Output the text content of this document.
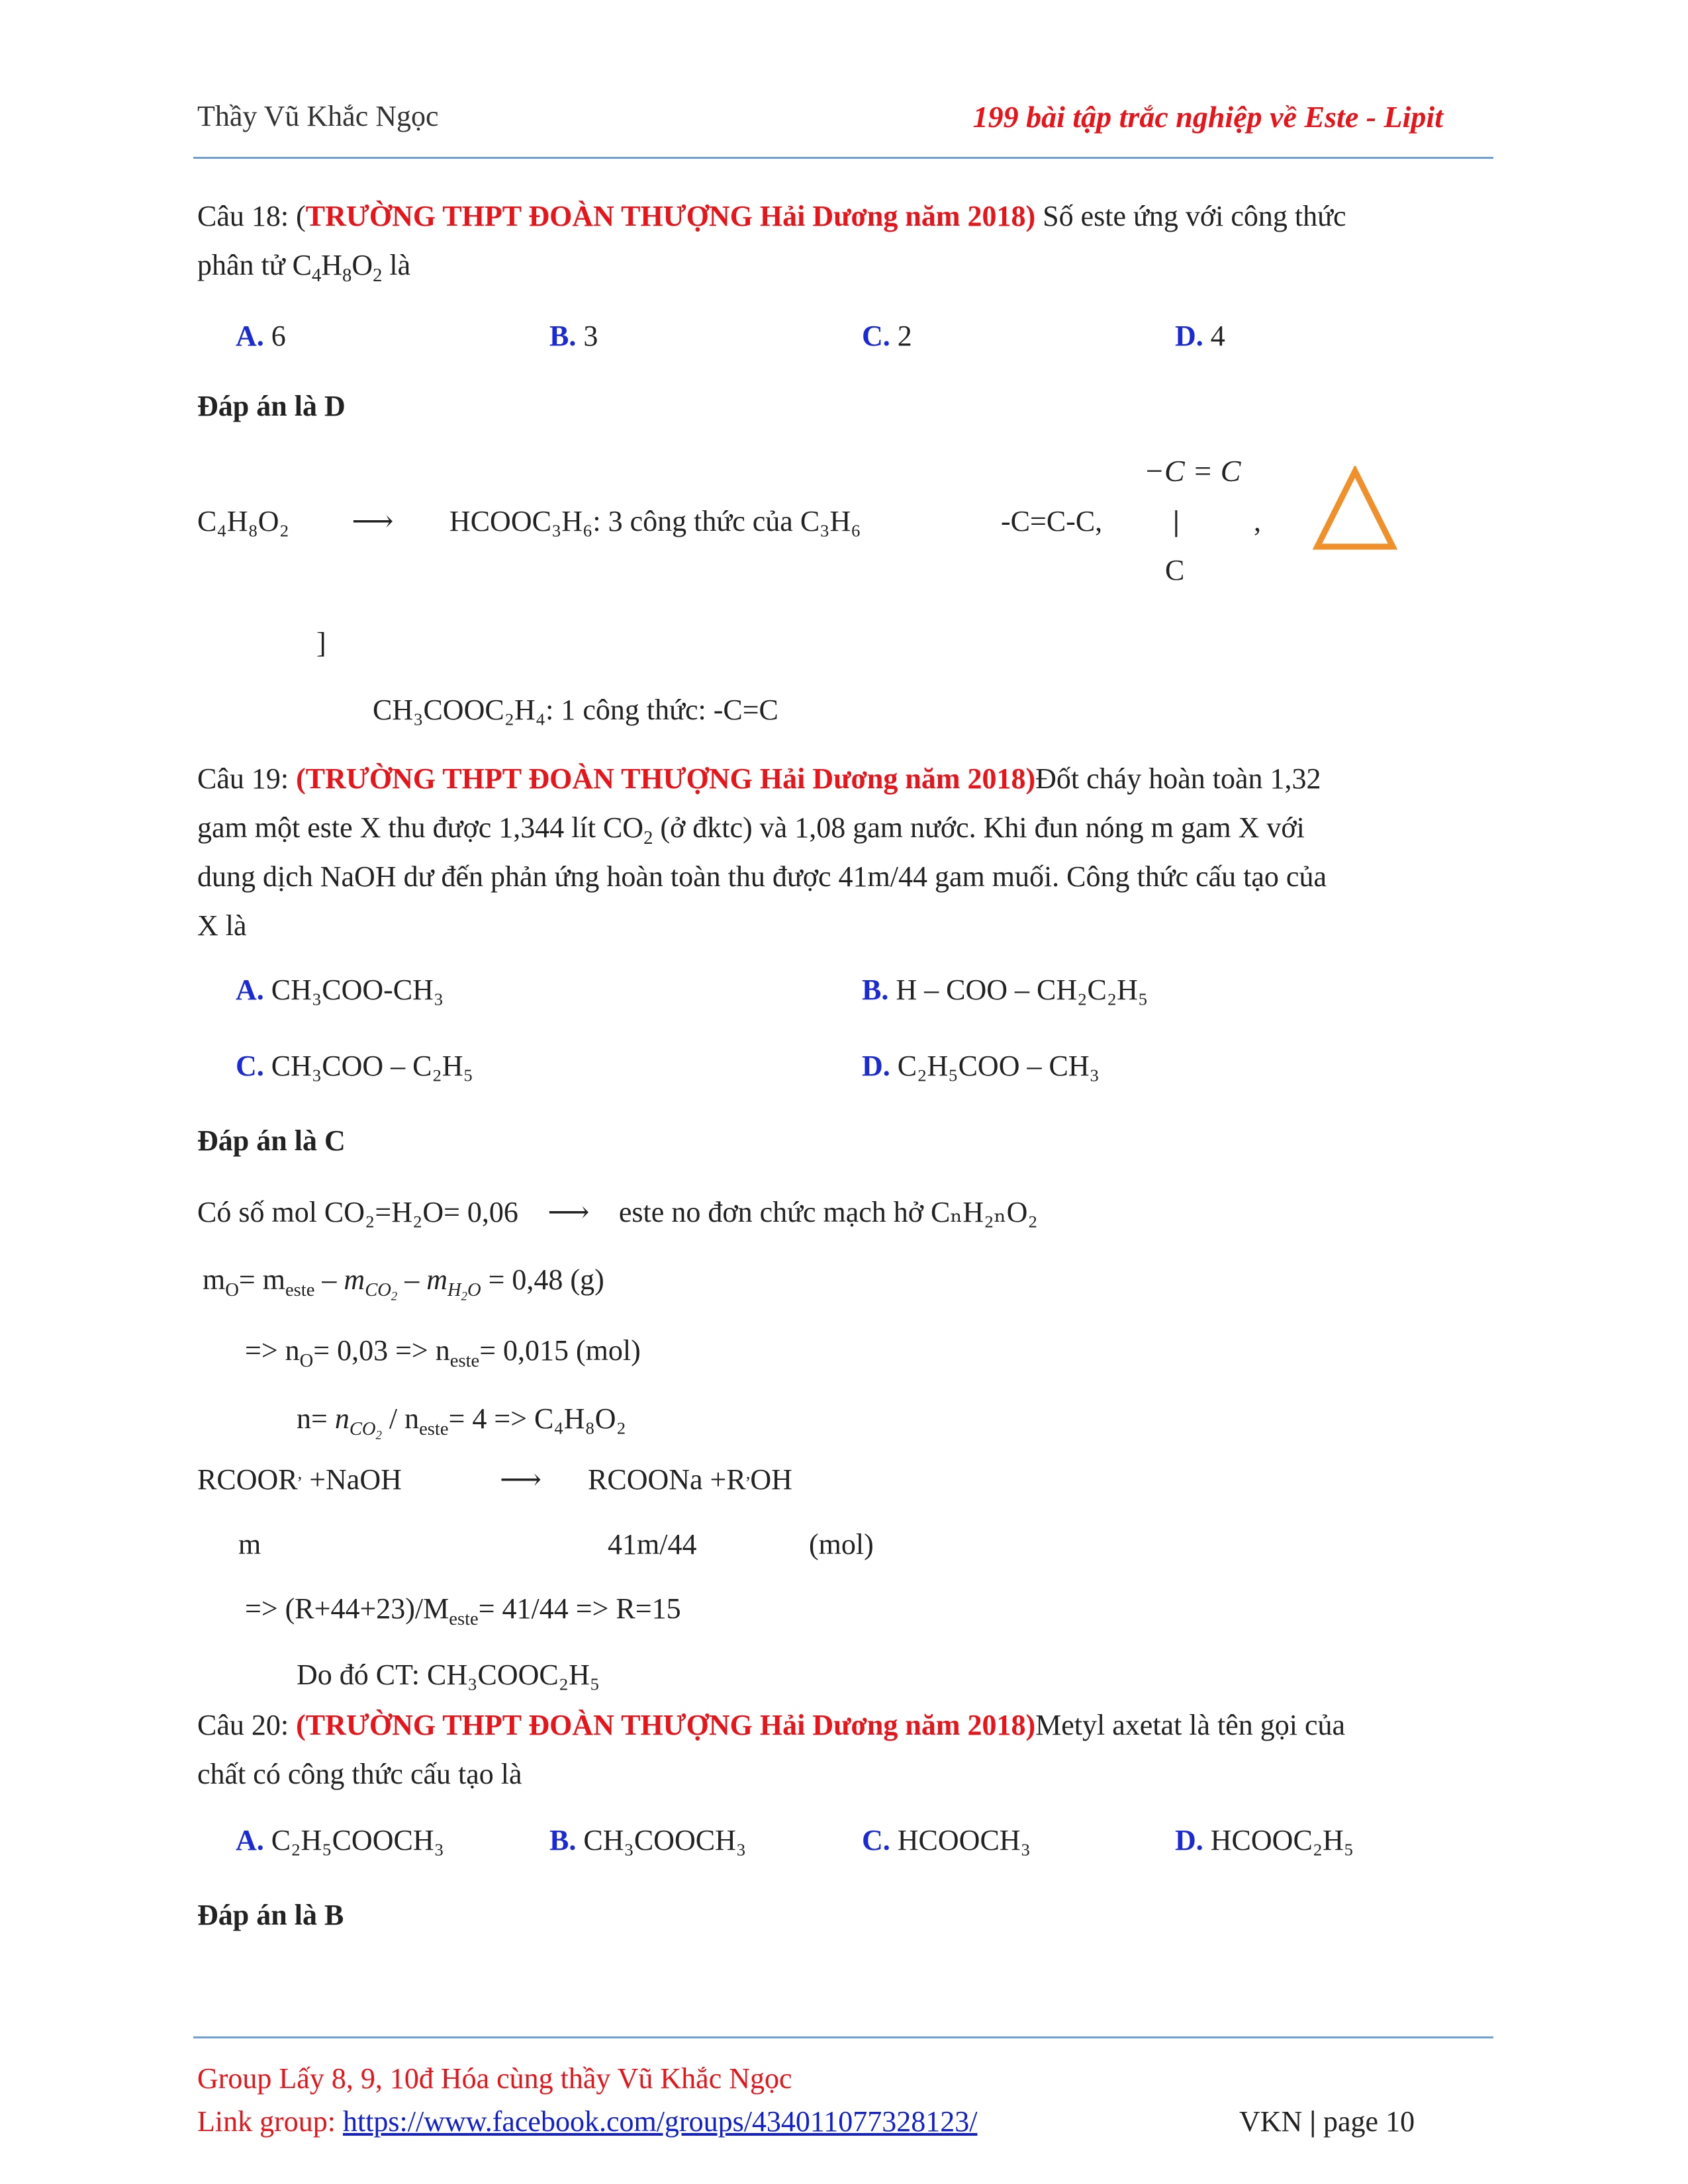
Thầy Vũ Khắc Ngọc	199 bài tập trắc nghiệp về Este - Lipit
Câu 18: (TRƯỜNG THPT ĐOÀN THƯỢNG Hải Dương năm 2018) Số este ứng với công thức
phân tử $C_4H_8O_2$ là
A. 6	B. 3	C. 2	D. 4
Đáp án là D
−C = C
C₄H₈O₂ ⟶ HCOOC₃H₆: 3 công thức của C₃H₆	-C=C-C, |	,
C
]
CH₃COOC₂H₄: 1 công thức: -C=C
Câu 19: (TRƯỜNG THPT ĐOÀN THƯỢNG Hải Dương năm 2018)Đốt cháy hoàn toàn 1,32
gam một este X thu được 1,344 lít $CO_2$ (ở đktc) và 1,08 gam nước. Khi đun nóng m gam X với
dung dịch NaOH dư đến phản ứng hoàn toàn thu được 41m/44 gam muối. Công thức cấu tạo của
X là
A. CH₃COO-CH₃	B. H – COO – CH₂C₂H₅
C. CH₃COO – C₂H₅	D. C₂H₅COO – CH₃
Đáp án là C
Có số mol CO₂=H₂O= 0,06 ⟶ este no đơn chức mạch hở CₙH₂ₙO₂
$m_O= m_{este} - m_{CO_2} - m_{H_2O} = 0,48$ (g)
=> $n_O= 0,03 => n_{este}= 0,015$ (mol)
$n= n_{CO_2} / n_{este}= 4 => C_4H_8O_2$
RCOOR, +NaOH	⟶ RCOONa +R,OH
m	41m/44	(mol)
=> $(R+44+23)/M_{este}= 41/44 => R=15$
Do đó CT: CH₃COOC₂H₅
Câu 20: (TRƯỜNG THPT ĐOÀN THƯỢNG Hải Dương năm 2018)Metyl axetat là tên gọi của
chất có công thức cấu tạo là
A. C₂H₅COOCH₃	B. CH₃COOCH₃	C. HCOOCH₃	D. HCOOC₂H₅
Đáp án là B
Group Lấy 8, 9, 10đ Hóa cùng thầy Vũ Khắc Ngọc
Link group: https://www.facebook.com/groups/434011077328123/	VKN | page 10
